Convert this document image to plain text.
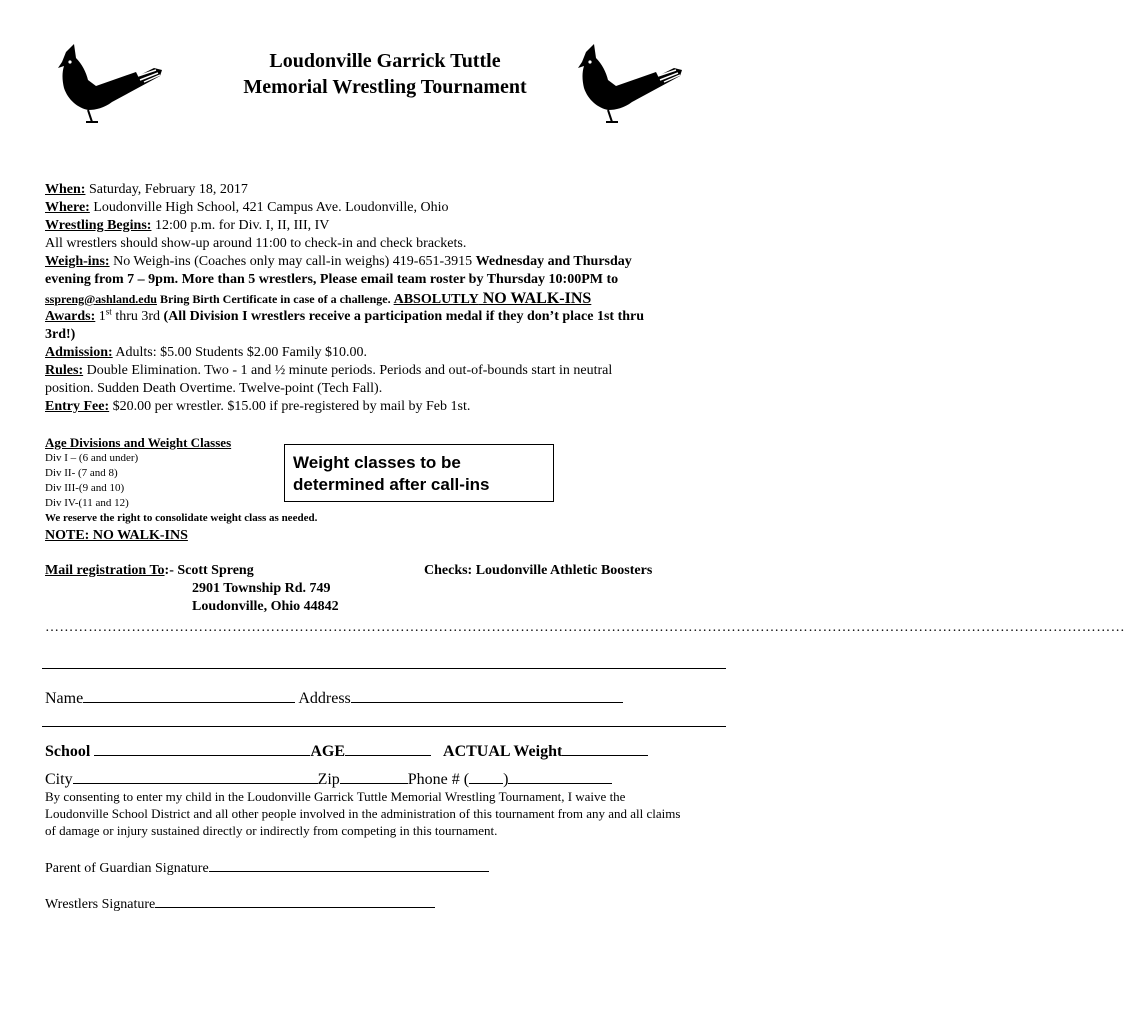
Loudonville Garrick Tuttle
Memorial Wrestling Tournament
When: Saturday, February 18, 2017
Where: Loudonville High School, 421 Campus Ave. Loudonville, Ohio
Wrestling Begins: 12:00 p.m. for Div. I, II, III, IV
All wrestlers should show-up around 11:00 to check-in and check brackets.
Weigh-ins: No Weigh-ins (Coaches only may call-in weighs) 419-651-3915 Wednesday and Thursday
evening from 7 – 9pm. More than 5 wrestlers, Please email team roster by Thursday 10:00PM to
sspreng@ashland.edu Bring Birth Certificate in case of a challenge. ABSOLUTLY NO WALK-INS
Awards: 1st thru 3rd (All Division I wrestlers receive a participation medal if they don’t place 1st thru
3rd!)
Admission: Adults: $5.00 Students $2.00 Family $10.00.
Rules: Double Elimination. Two - 1 and ½ minute periods. Periods and out-of-bounds start in neutral
position. Sudden Death Overtime. Twelve-point (Tech Fall).
Entry Fee: $20.00 per wrestler. $15.00 if pre-registered by mail by Feb 1st.
Age Divisions and Weight Classes
Div I – (6 and under)
Div II- (7 and 8)
Div III-(9 and 10)
Div IV-(11 and 12)
We reserve the right to consolidate weight class as needed.
NOTE: NO WALK-INS
Weight classes to be
determined after call-ins
Mail registration To:- Scott Spreng
2901 Township Rd. 749
Loudonville, Ohio 44842
Checks: Loudonville Athletic Boosters
………………………………………………………………………………………………………………………………………………………………………………………………………
Name	Address
School	AGE	ACTUAL Weight
City	Zip	Phone # ( )
By consenting to enter my child in the Loudonville Garrick Tuttle Memorial Wrestling Tournament, I waive the
Loudonville School District and all other people involved in the administration of this tournament from any and all claims
of damage or injury sustained directly or indirectly from competing in this tournament.
Parent of Guardian Signature
Wrestlers Signature
